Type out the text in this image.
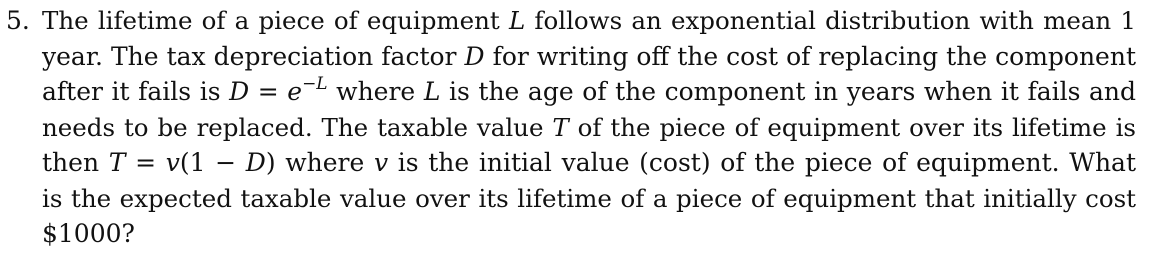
5. The lifetime of a piece of equipment L follows an exponential distribution with mean 1
year. The tax depreciation factor D for writing off the cost of replacing the component
after it fails is $D = e^{-L}$ where L is the age of the component in years when it fails and
needs to be replaced. The taxable value T of the piece of equipment over its lifetime is
then T = v(1 − D) where v is the initial value (cost) of the piece of equipment. What
is the expected taxable value over its lifetime of a piece of equipment that initially cost
$1000?
